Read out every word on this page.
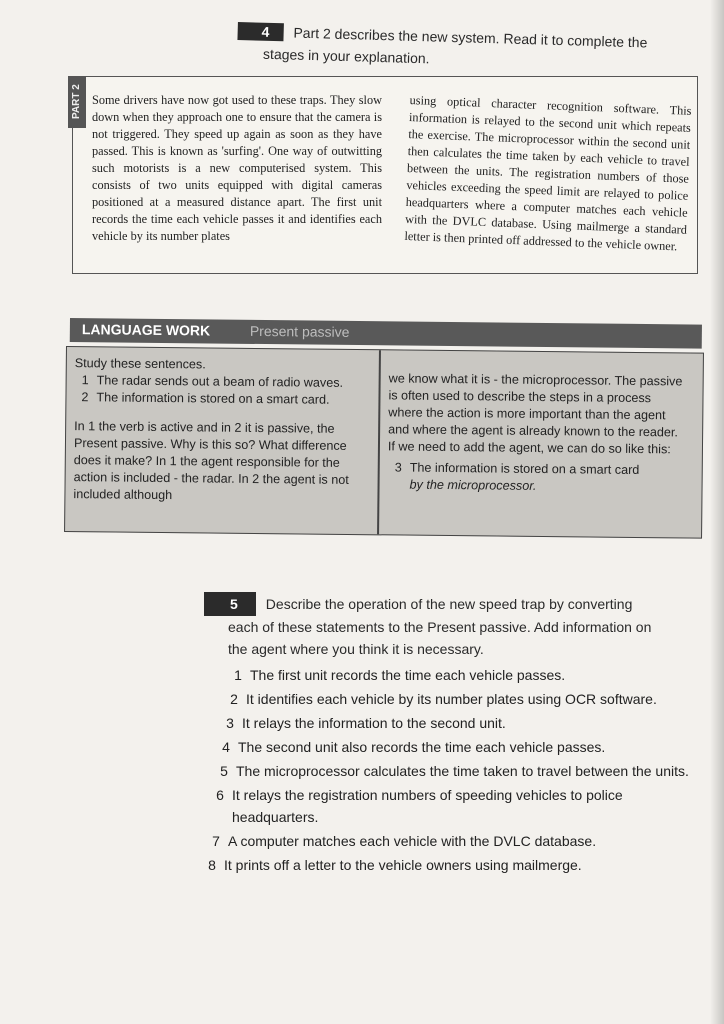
4 Part 2 describes the new system. Read it to complete the
stages in your explanation.
PART 2 Some drivers have now got used to these traps. They slow down when they approach one to ensure that the camera is not triggered. They speed up again as soon as they have passed. This is known as 'surfing'. One way of outwitting such motorists is a new computerised system. This consists of two units equipped with digital cameras positioned at a measured distance apart. The first unit records the time each vehicle passes it and identifies each vehicle by its number plates
using optical character recognition software. This information is relayed to the second unit which repeats the exercise. The microprocessor within the second unit then calculates the time taken by each vehicle to travel between the units. The registration numbers of those vehicles exceeding the speed limit are relayed to police headquarters where a computer matches each vehicle with the DVLC database. Using mailmerge a standard letter is then printed off addressed to the vehicle owner.
LANGUAGE WORK	Present passive
Study these sentences.
1 The radar sends out a beam of radio waves.
2 The information is stored on a smart card.
In 1 the verb is active and in 2 it is passive, the Present passive. Why is this so? What difference does it make? In 1 the agent responsible for the action is included - the radar. In 2 the agent is not included although
we know what it is - the microprocessor. The passive is often used to describe the steps in a process where the action is more important than the agent and where the agent is already known to the reader. If we need to add the agent, we can do so like this:
3 The information is stored on a smart card
by the microprocessor.
5 Describe the operation of the new speed trap by converting
each of these statements to the Present passive. Add information on
the agent where you think it is necessary.
1 The first unit records the time each vehicle passes.
2 It identifies each vehicle by its number plates using OCR software.
3 It relays the information to the second unit.
4 The second unit also records the time each vehicle passes.
5 The microprocessor calculates the time taken to travel between the units.
6 It relays the registration numbers of speeding vehicles to police headquarters.
7 A computer matches each vehicle with the DVLC database.
8 It prints off a letter to the vehicle owners using mailmerge.
